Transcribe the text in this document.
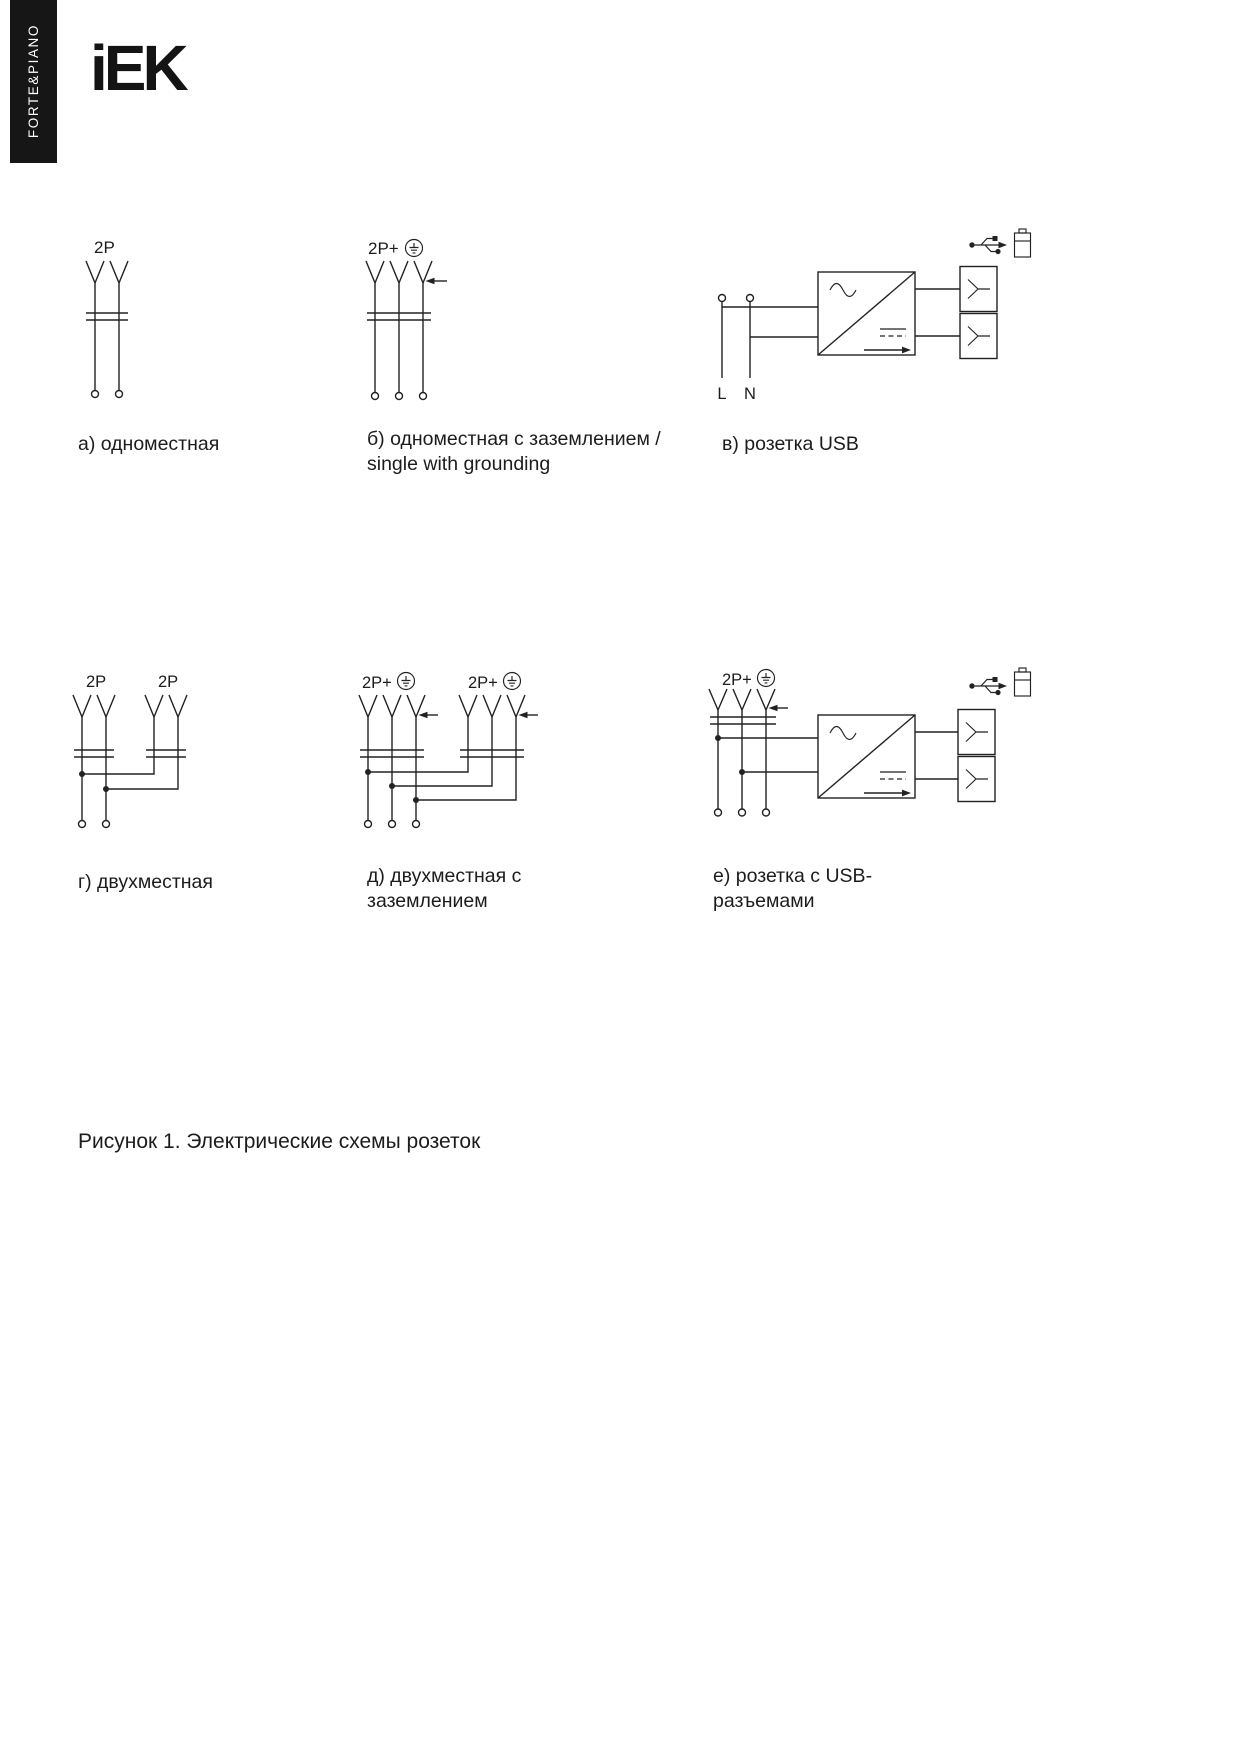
FORTE&PIANO iEK
2P	2P+
L N
а) одноместная	б) одноместная с заземлением /
single with grounding
в) розетка USB
2P	2P	2P+	2P+	2P+
г) двухместная	д) двухместная с
заземлением
е) розетка с USB-
разъемами
Рисунок 1. Электрические схемы розеток
